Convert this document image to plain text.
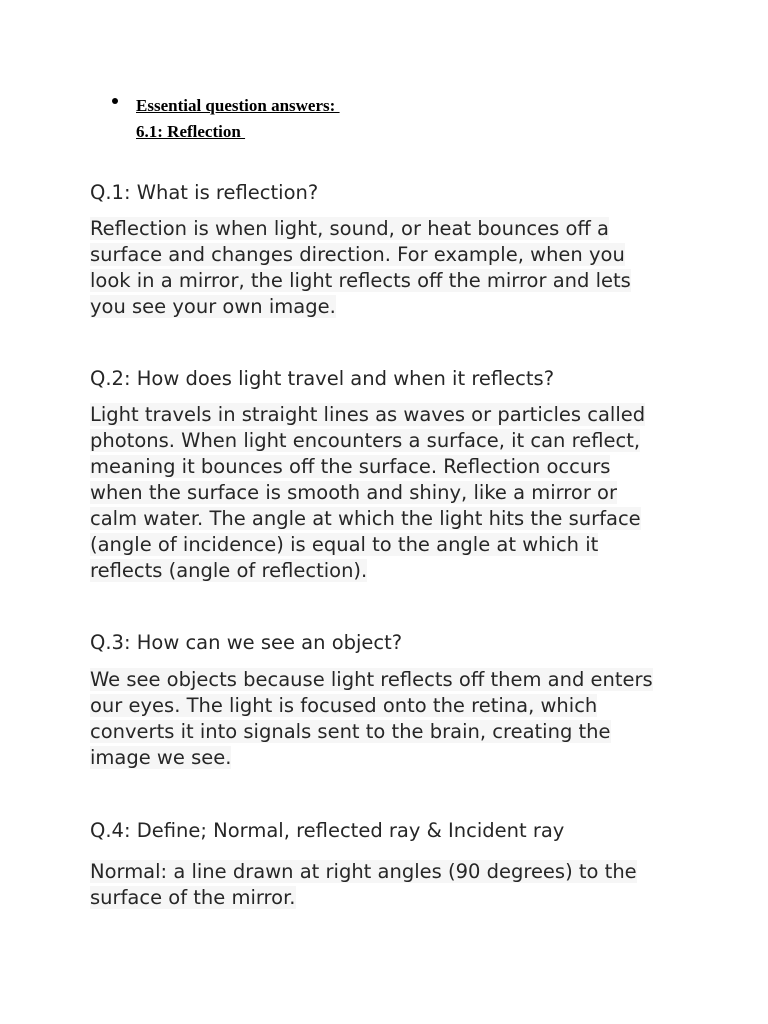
Essential question answers:
6.1: Reflection
Q.1: What is reflection?
Reflection is when light, sound, or heat bounces off a
surface and changes direction. For example, when you
look in a mirror, the light reflects off the mirror and lets
you see your own image.
Q.2: How does light travel and when it reflects?
Light travels in straight lines as waves or particles called
photons. When light encounters a surface, it can reflect,
meaning it bounces off the surface. Reflection occurs
when the surface is smooth and shiny, like a mirror or
calm water. The angle at which the light hits the surface
(angle of incidence) is equal to the angle at which it
reflects (angle of reflection).
Q.3: How can we see an object?
We see objects because light reflects off them and enters
our eyes. The light is focused onto the retina, which
converts it into signals sent to the brain, creating the
image we see.
Q.4: Define; Normal, reflected ray & Incident ray
Normal: a line drawn at right angles (90 degrees) to the
surface of the mirror.
